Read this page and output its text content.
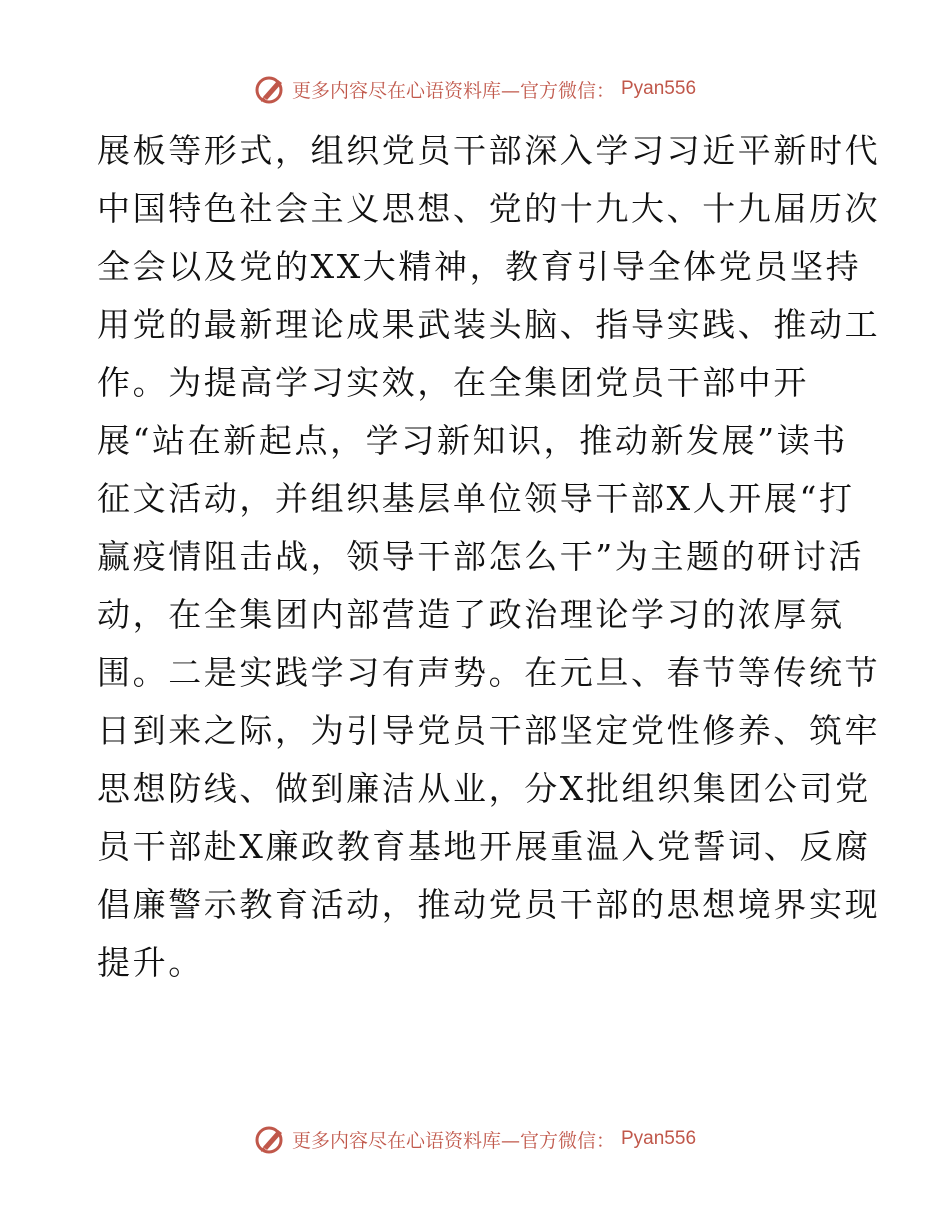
更多内容尽在心语资料库—官方微信： Pyan556
展板等形式，组织党员干部深入学习习近平新时代
中国特色社会主义思想、党的十九大、十九届历次
全会以及党的XX大精神，教育引导全体党员坚持
用党的最新理论成果武装头脑、指导实践、推动工
作。为提高学习实效，在全集团党员干部中开
展“站在新起点，学习新知识，推动新发展”读书
征文活动，并组织基层单位领导干部X人开展“打
赢疫情阻击战，领导干部怎么干”为主题的研讨活
动，在全集团内部营造了政治理论学习的浓厚氛
围。二是实践学习有声势。在元旦、春节等传统节
日到来之际，为引导党员干部坚定党性修养、筑牢
思想防线、做到廉洁从业，分X批组织集团公司党
员干部赴X廉政教育基地开展重温入党誓词、反腐
倡廉警示教育活动，推动党员干部的思想境界实现
提升。
更多内容尽在心语资料库—官方微信： Pyan556
